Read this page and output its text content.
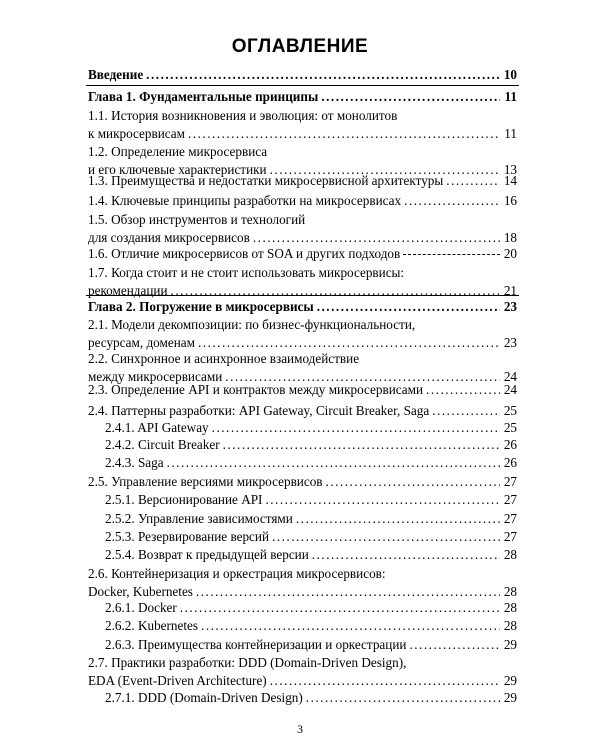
ОГЛАВЛЕНИЕ
Введение .....	10
Глава 1. Фундаментальные принципы .....	11
1.1. История возникновения и эволюция: от монолитов
к микросервисам .....	11
1.2. Определение микросервиса
и его ключевые характеристики .....	13
1.3. Преимущества и недостатки микросервисной архитектуры .....	14
1.4. Ключевые принципы разработки на микросервисах .....	16
1.5. Обзор инструментов и технологий
для создания микросервисов .....	18
1.6. Отличие микросервисов от SOA и других подходов	20
1.7. Когда стоит и не стоит использовать микросервисы:
рекомендации .....	21
Глава 2. Погружение в микросервисы .....	23
2.1. Модели декомпозиции: по бизнес-функциональности,
ресурсам, доменам .....	23
2.2. Синхронное и асинхронное взаимодействие
между микросервисами .....	24
2.3. Определение API и контрактов между микросервисами .....	24
2.4. Паттерны разработки: API Gateway, Circuit Breaker, Saga .....	25
2.4.1. API Gateway .....	25
2.4.2. Circuit Breaker .....	26
2.4.3. Saga .....	26
2.5. Управление версиями микросервисов .....	27
2.5.1. Версионирование API .....	27
2.5.2. Управление зависимостями .....	27
2.5.3. Резервирование версий .....	27
2.5.4. Возврат к предыдущей версии .....	28
2.6. Контейнеризация и оркестрация микросервисов:
Docker, Kubernetes .....	28
2.6.1. Docker .....	28
2.6.2. Kubernetes .....	28
2.6.3. Преимущества контейнеризации и оркестрации .....	29
2.7. Практики разработки: DDD (Domain-Driven Design),
EDA (Event-Driven Architecture) .....	29
2.7.1. DDD (Domain-Driven Design) .....	29
3
